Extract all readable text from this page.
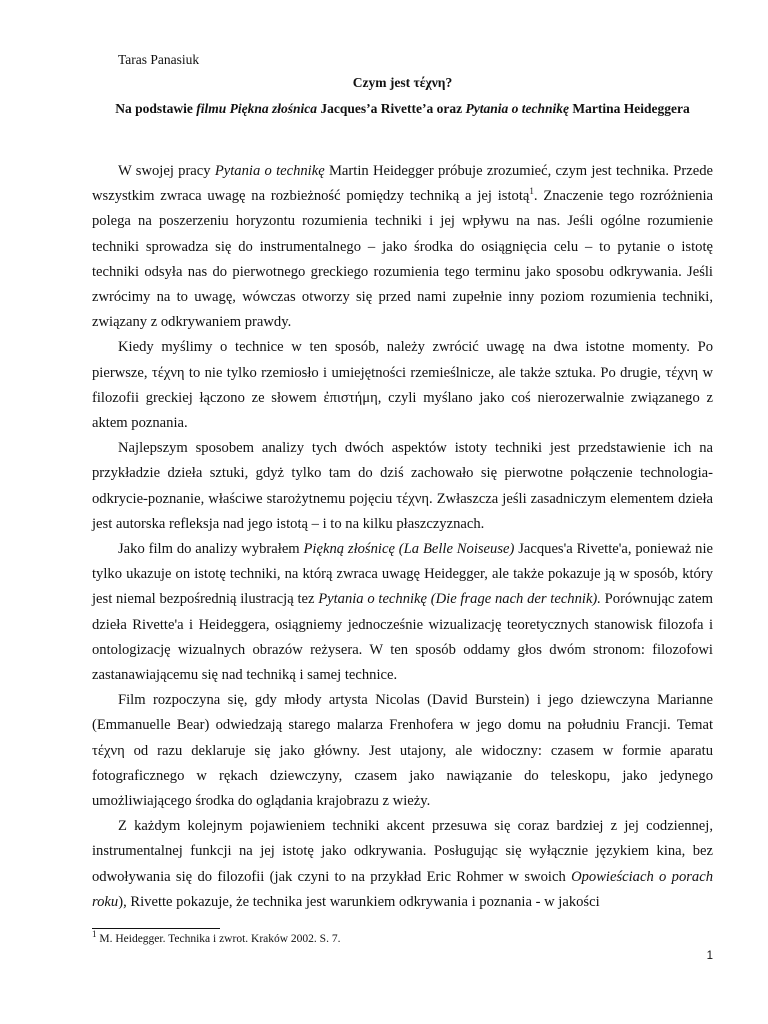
Taras Panasiuk
Czym jest τέχνη?
Na podstawie filmu Piękna złośnica Jacques’a Rivette’a oraz Pytania o technikę Martina Heideggera

W swojej pracy Pytania o technikę Martin Heidegger próbuje zrozumieć, czym jest technika. Przede wszystkim zwraca uwagę na rozbieżność pomiędzy techniką a jej istotą$^1$. Znaczenie tego rozróżnienia polega na poszerzeniu horyzontu rozumienia techniki i jej wpływu na nas. Jeśli ogólne rozumienie techniki sprowadza się do instrumentalnego – jako środka do osiągnięcia celu – to pytanie o istotę techniki odsyła nas do pierwotnego greckiego rozumienia tego terminu jako sposobu odkrywania. Jeśli zwrócimy na to uwagę, wówczas otworzy się przed nami zupełnie inny poziom rozumienia techniki, związany z odkrywaniem prawdy.

Kiedy myślimy o technice w ten sposób, należy zwrócić uwagę na dwa istotne momenty. Po pierwsze, τέχνη to nie tylko rzemiosło i umiejętności rzemieślnicze, ale także sztuka. Po drugie, τέχνη w filozofii greckiej łączono ze słowem ἐπιστήμη, czyli myślano jako coś nierozerwalnie związanego z aktem poznania.

Najlepszym sposobem analizy tych dwóch aspektów istoty techniki jest przedstawienie ich na przykładzie dzieła sztuki, gdyż tylko tam do dziś zachowało się pierwotne połączenie technologia-odkrycie-poznanie, właściwe starożytnemu pojęciu τέχνη. Zwłaszcza jeśli zasadniczym elementem dzieła jest autorska refleksja nad jego istotą – i to na kilku płaszczyznach.

Jako film do analizy wybrałem Piękną złośnicę (La Belle Noiseuse) Jacques'a Rivette'a, ponieważ nie tylko ukazuje on istotę techniki, na którą zwraca uwagę Heidegger, ale także pokazuje ją w sposób, który jest niemal bezpośrednią ilustracją tez Pytania o technikę (Die frage nach der technik). Porównując zatem dzieła Rivette'a i Heideggera, osiągniemy jednocześnie wizualizację teoretycznych stanowisk filozofa i ontologizację wizualnych obrazów reżysera. W ten sposób oddamy głos dwóm stronom: filozofowi zastanawiającemu się nad techniką i samej technice.

Film rozpoczyna się, gdy młody artysta Nicolas (David Burstein) i jego dziewczyna Marianne (Emmanuelle Bear) odwiedzają starego malarza Frenhofera w jego domu na południu Francji. Temat τέχνη od razu deklaruje się jako główny. Jest utajony, ale widoczny: czasem w formie aparatu fotograficznego w rękach dziewczyny, czasem jako nawiązanie do teleskopu, jako jedynego umożliwiającego środka do oglądania krajobrazu z wieży.

Z każdym kolejnym pojawieniem techniki akcent przesuwa się coraz bardziej z jej codziennej, instrumentalnej funkcji na jej istotę jako odkrywania. Posługując się wyłącznie językiem kina, bez odwoływania się do filozofii (jak czyni to na przykład Eric Rohmer w swoich Opowieściach o porach roku), Rivette pokazuje, że technika jest warunkiem odkrywania i poznania - w jakości

$^1$ M. Heidegger. Technika i zwrot. Kraków 2002. S. 7.
1
